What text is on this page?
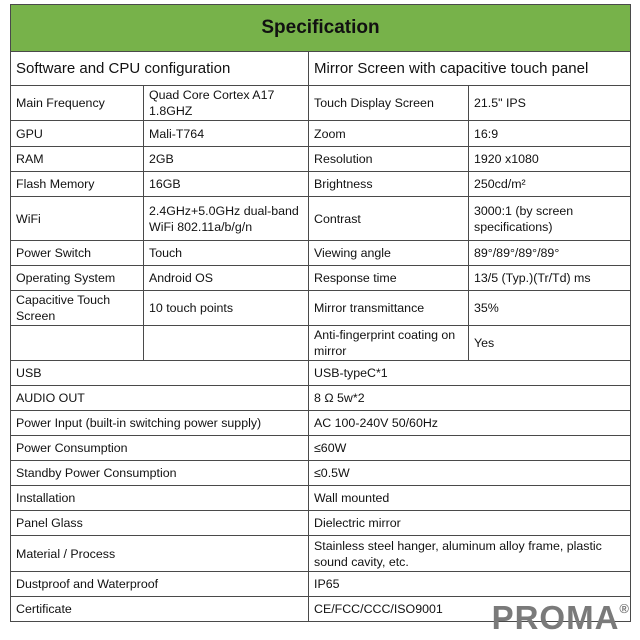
Specification			
Software and CPU configuration		Mirror Screen with capacitive touch panel	
Main Frequency	Quad Core Cortex A17 1.8GHZ	Touch Display Screen	21.5" IPS
GPU	Mali-T764	Zoom	16:9
RAM	2GB	Resolution	1920 x1080
Flash Memory	16GB	Brightness	250cd/m²
WiFi	2.4GHz+5.0GHz dual-band WiFi 802.11a/b/g/n	Contrast	3000:1 (by screen specifications)
Power Switch	Touch	Viewing angle	89°/89°/89°/89°
Operating System	Android OS	Response time	13/5 (Typ.)(Tr/Td) ms
Capacitive Touch Screen	10 touch points	Mirror transmittance	35%
		Anti-fingerprint coating on mirror	Yes
USB		USB-typeC*1	
AUDIO OUT		8 Ω 5w*2	
Power Input (built-in switching power supply)		AC 100-240V 50/60Hz	
Power Consumption		≤60W	
Standby Power Consumption		≤0.5W	
Installation		Wall mounted	
Panel Glass		Dielectric mirror	
Material / Process		Stainless steel hanger, aluminum alloy frame, plastic sound cavity, etc.	
Dustproof and Waterproof		IP65	
Certificate		CE/FCC/CCC/ISO9001	PROMA®
